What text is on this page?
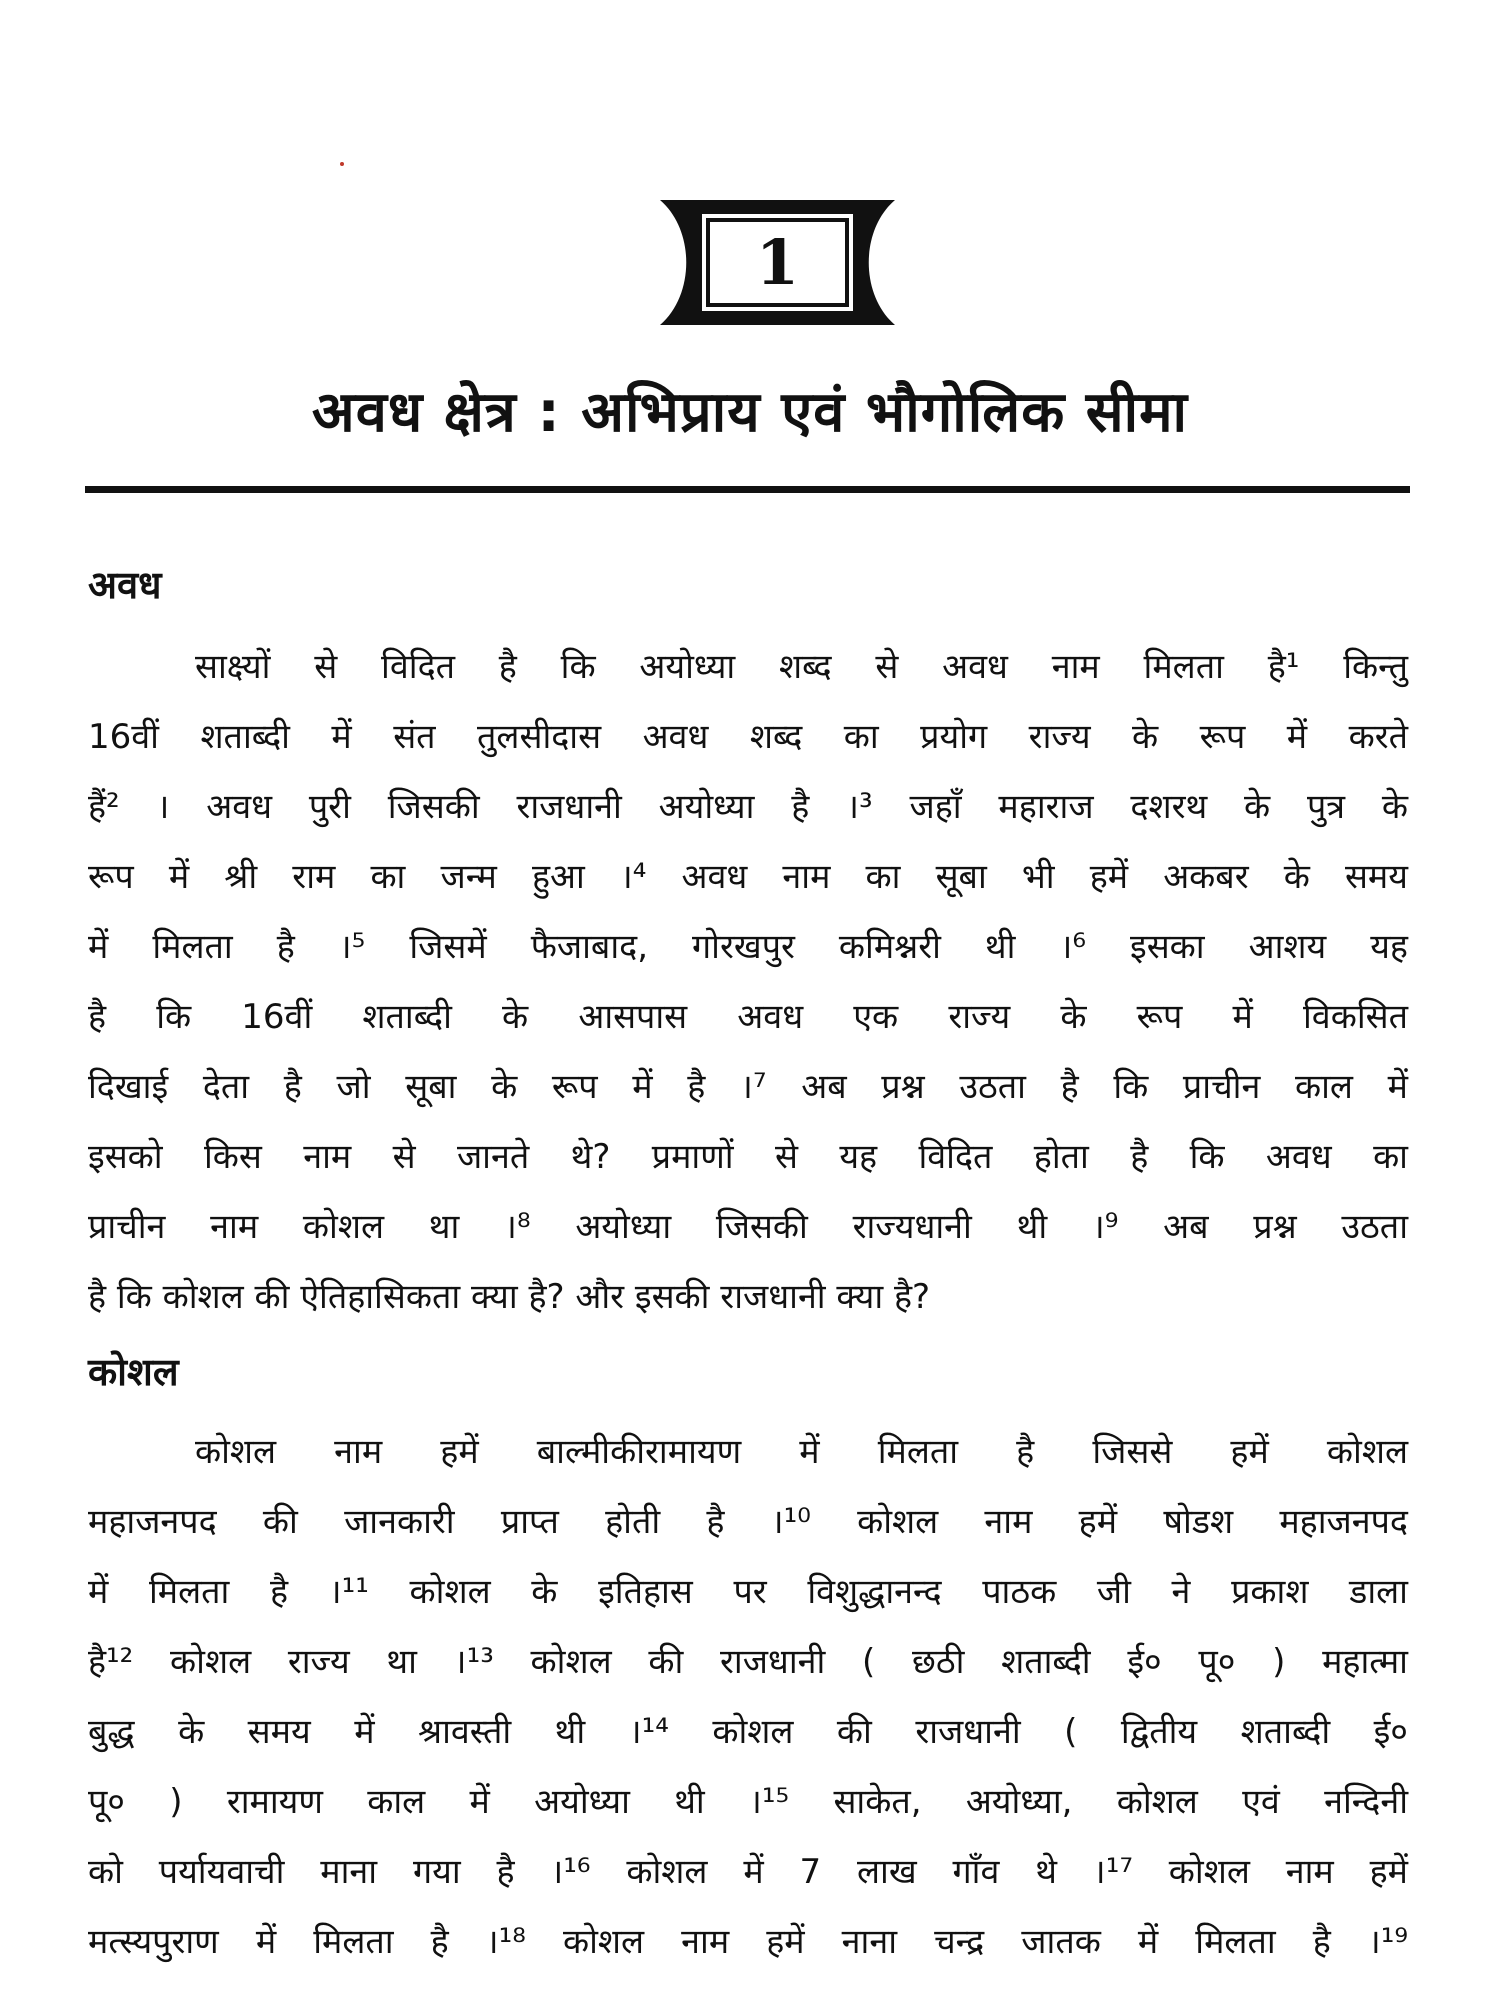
1
अवध क्षेत्र : अभिप्राय एवं भौगोलिक सीमा
अवध
साक्ष्यों से विदित है कि अयोध्या शब्द से अवध नाम मिलता है¹ किन्तु
16वीं शताब्दी में संत तुलसीदास अवध शब्द का प्रयोग राज्य के रूप में करते
हैं² । अवध पुरी जिसकी राजधानी अयोध्या है ।³ जहाँ महाराज दशरथ के पुत्र के
रूप में श्री राम का जन्म हुआ ।⁴ अवध नाम का सूबा भी हमें अकबर के समय
में मिलता है ।⁵ जिसमें फैजाबाद, गोरखपुर कमिश्नरी थी ।⁶ इसका आशय यह
है कि 16वीं शताब्दी के आसपास अवध एक राज्य के रूप में विकसित
दिखाई देता है जो सूबा के रूप में है ।⁷ अब प्रश्न उठता है कि प्राचीन काल में
इसको किस नाम से जानते थे? प्रमाणों से यह विदित होता है कि अवध का
प्राचीन नाम कोशल था ।⁸ अयोध्या जिसकी राज्यधानी थी ।⁹ अब प्रश्न उठता
है कि कोशल की ऐतिहासिकता क्या है? और इसकी राजधानी क्या है?
कोशल
कोशल नाम हमें बाल्मीकीरामायण में मिलता है जिससे हमें कोशल
महाजनपद की जानकारी प्राप्त होती है ।¹⁰ कोशल नाम हमें षोडश महाजनपद
में मिलता है ।¹¹ कोशल के इतिहास पर विशुद्धानन्द पाठक जी ने प्रकाश डाला
है¹² कोशल राज्य था ।¹³ कोशल की राजधानी ( छठी शताब्दी ई० पू० ) महात्मा
बुद्ध के समय में श्रावस्ती थी ।¹⁴ कोशल की राजधानी ( द्वितीय शताब्दी ई०
पू० ) रामायण काल में अयोध्या थी ।¹⁵ साकेत, अयोध्या, कोशल एवं नन्दिनी
को पर्यायवाची माना गया है ।¹⁶ कोशल में 7 लाख गाँव थे ।¹⁷ कोशल नाम हमें
मत्स्यपुराण में मिलता है ।¹⁸ कोशल नाम हमें नाना चन्द्र जातक में मिलता है ।¹⁹
